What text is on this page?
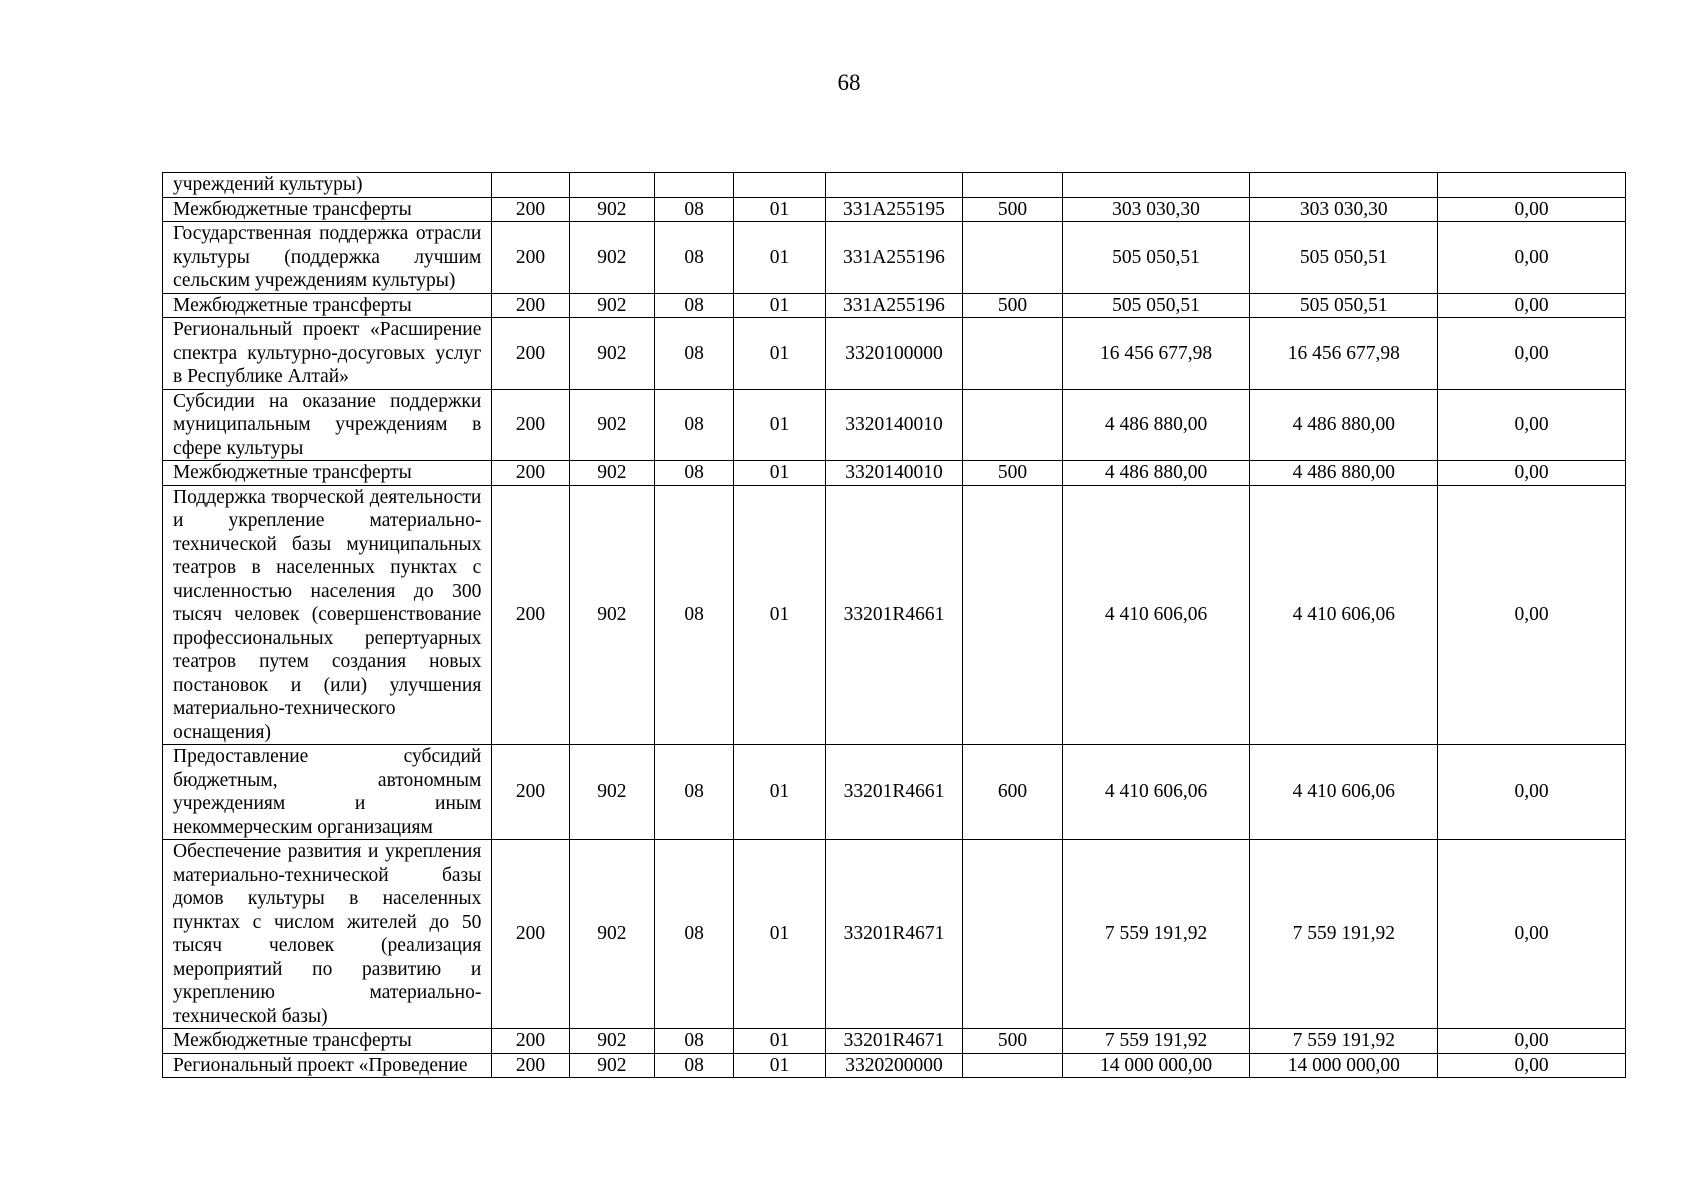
68
учреждений культуры)									
Межбюджетные трансферты	200	902	08	01	331A255195	500	303 030,30	303 030,30	0,00
Государственная поддержка отрасли культуры (поддержка лучшим сельским учреждениям культуры)	200	902	08	01	331A255196		505 050,51	505 050,51	0,00
Межбюджетные трансферты	200	902	08	01	331A255196	500	505 050,51	505 050,51	0,00
Региональный проект «Расширение спектра культурно-досуговых услуг в Республике Алтай»	200	902	08	01	3320100000		16 456 677,98	16 456 677,98	0,00
Субсидии на оказание поддержки муниципальным учреждениям в сфере культуры	200	902	08	01	3320140010		4 486 880,00	4 486 880,00	0,00
Межбюджетные трансферты	200	902	08	01	3320140010	500	4 486 880,00	4 486 880,00	0,00
Поддержка творческой деятельности и укрепление материально-технической базы муниципальных театров в населенных пунктах с численностью населения до 300 тысяч человек (совершенствование профессиональных репертуарных театров путем создания новых постановок и (или) улучшения материально-технического оснащения)	200	902	08	01	33201R4661		4 410 606,06	4 410 606,06	0,00
Предоставление субсидий бюджетным, автономным учреждениям и иным некоммерческим организациям	200	902	08	01	33201R4661	600	4 410 606,06	4 410 606,06	0,00
Обеспечение развития и укрепления материально-технической базы домов культуры в населенных пунктах с числом жителей до 50 тысяч человек (реализация мероприятий по развитию и укреплению материально-технической базы)	200	902	08	01	33201R4671		7 559 191,92	7 559 191,92	0,00
Межбюджетные трансферты	200	902	08	01	33201R4671	500	7 559 191,92	7 559 191,92	0,00
Региональный проект «Проведение	200	902	08	01	3320200000		14 000 000,00	14 000 000,00	0,00
